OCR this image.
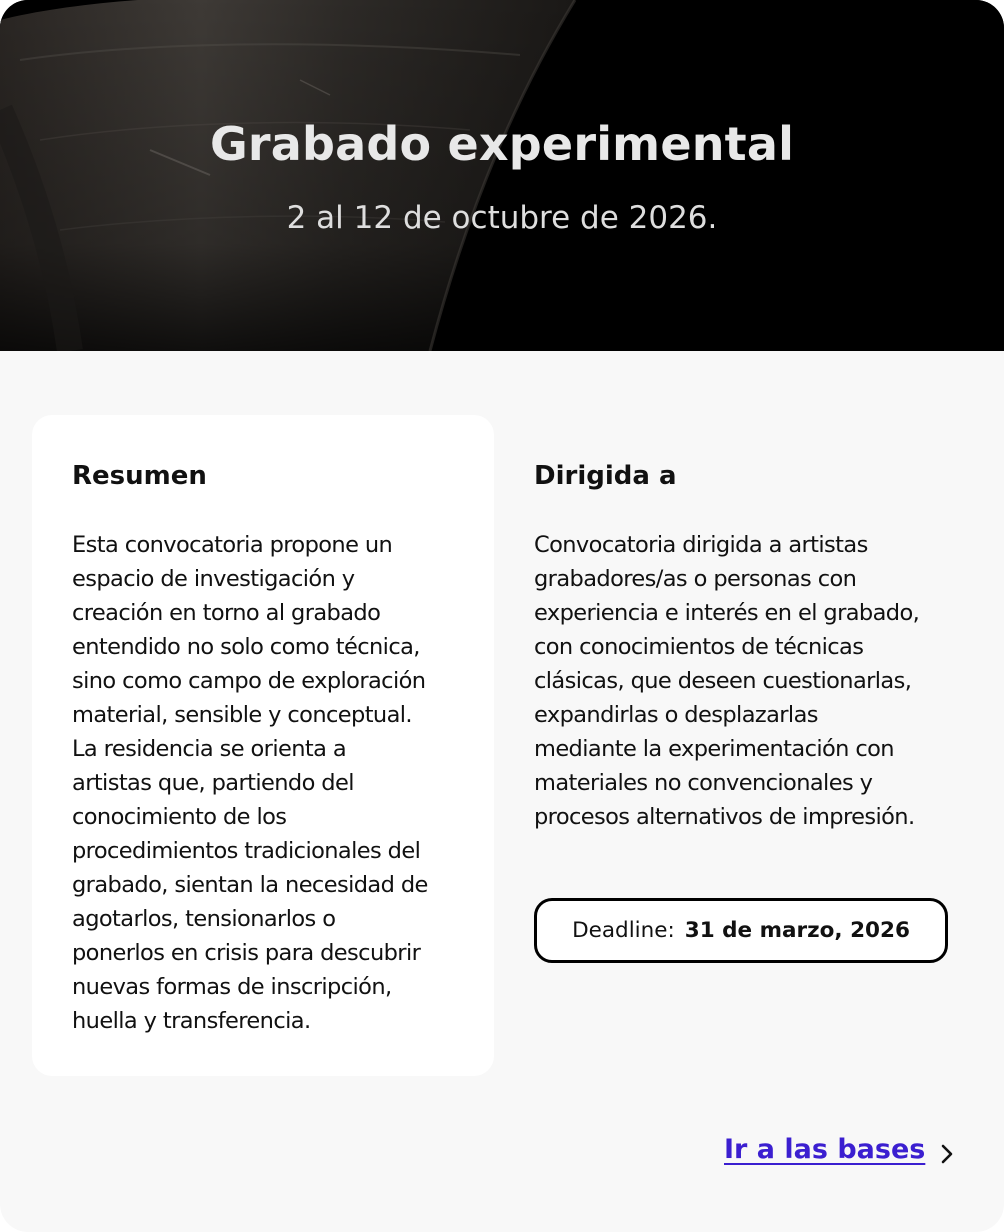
Grabado experimental
2 al 12 de octubre de 2026.
Resumen

Esta convocatoria propone un
espacio de investigación y
creación en torno al grabado
entendido no solo como técnica,
sino como campo de exploración
material, sensible y conceptual.
La residencia se orienta a
artistas que, partiendo del
conocimiento de los
procedimientos tradicionales del
grabado, sientan la necesidad de
agotarlos, tensionarlos o
ponerlos en crisis para descubrir
nuevas formas de inscripción,
huella y transferencia.

Dirigida a

Convocatoria dirigida a artistas
grabadores/as o personas con
experiencia e interés en el grabado,
con conocimientos de técnicas
clásicas, que deseen cuestionarlas,
expandirlas o desplazarlas
mediante la experimentación con
materiales no convencionales y
procesos alternativos de impresión.

Deadline: 31 de marzo, 2026
Ir a las bases
